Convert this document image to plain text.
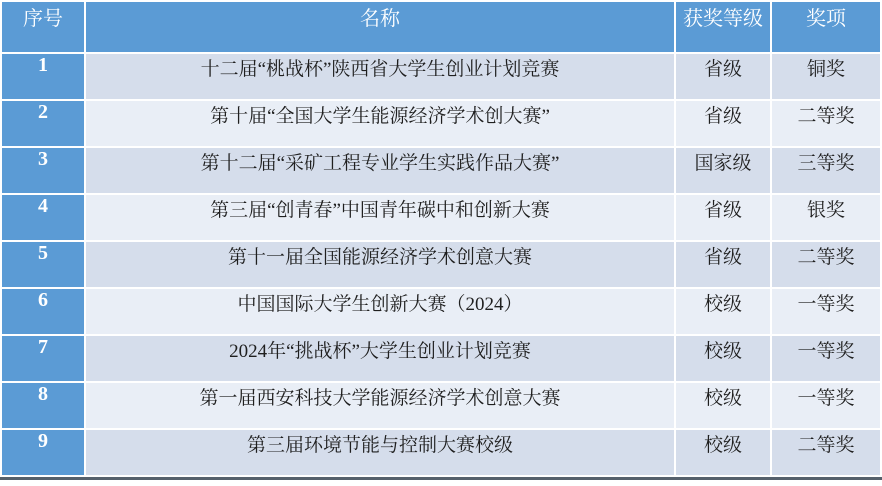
序号	名称	获奖等级	奖项
1	十二届“桃战杯”陕西省大学生创业计划竞赛	省级	铜奖
2	第十届“全国大学生能源经济学术创大赛”	省级	二等奖
3	第十二届“采矿工程专业学生实践作品大赛”	国家级	三等奖
4	第三届“创青春”中国青年碳中和创新大赛	省级	银奖
5	第十一届全国能源经济学术创意大赛	省级	二等奖
6	中国国际大学生创新大赛（2024）	校级	一等奖
7	2024年“挑战杯”大学生创业计划竞赛	校级	一等奖
8	第一届西安科技大学能源经济学术创意大赛	校级	一等奖
9	第三届环境节能与控制大赛校级	校级	二等奖
